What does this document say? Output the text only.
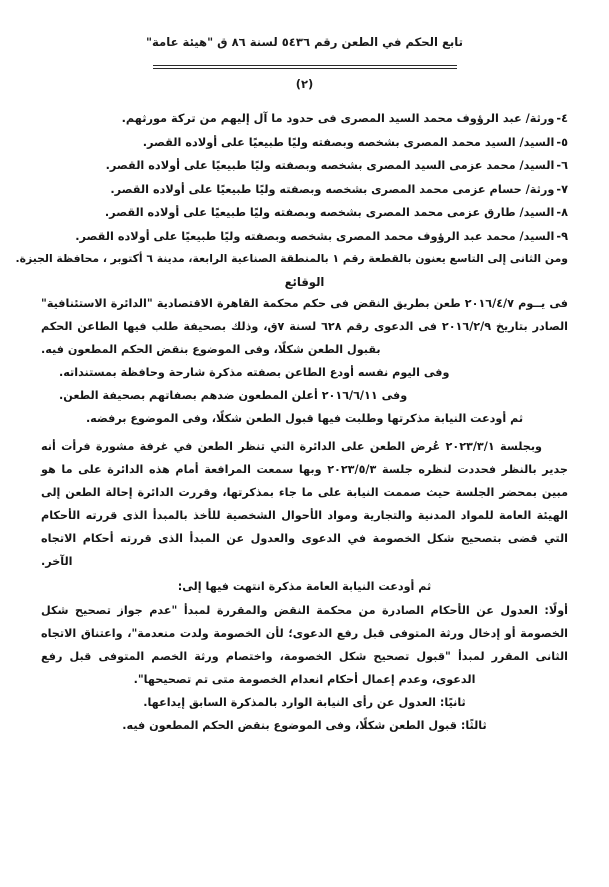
تابع الحكم في الطعن رقم ٥٤٣٦ لسنة ٨٦ ق "هيئة عامة"
(٢)
٤-
ورثة/ عبد الرؤوف محمد السيد المصرى فى حدود ما آل إليهم من تركة مورثهم.
٥-
السيد/ السيد محمد المصرى بشخصه وبصفته وليًا طبيعيًا على أولاده القصر.
٦-
السيد/ محمد عزمى السيد المصرى بشخصه وبصفته وليًا طبيعيًا على أولاده القصر.
٧-
ورثة/ حسام عزمى محمد المصرى بشخصه وبصفته وليًا طبيعيًا على أولاده القصر.
٨-
السيد/ طارق عزمى محمد المصرى بشخصه وبصفته وليًا طبيعيًا على أولاده القصر.
٩-
السيد/ محمد عبد الرؤوف محمد المصرى بشخصه وبصفته وليًا طبيعيًا على أولاده القصر.

ومن الثانى إلى التاسع يعنون بالقطعة رقم ١ بالمنطقة الصناعية الرابعة، مدينة ٦ أكتوبر ، محافظة الجيزة.

الوقائع

فى يــوم ٢٠١٦/٤/٧ طعن بطريق النقض فى حكم محكمة القاهرة الاقتصادية "الدائرة الاستئنافية" الصادر بتاريخ ٢٠١٦/٢/٩ فى الدعوى رقم ٦٢٨ لسنة ٧ق، وذلك بصحيفة طلب فيها الطاعن الحكم بقبول الطعن شكلًا، وفى الموضوع بنقض الحكم المطعون فيه.

وفى اليوم نفسه أودع الطاعن بصفته مذكرة شارحة وحافظة بمستنداته.

وفى ٢٠١٦/٦/١١ أعلن المطعون ضدهم بصفاتهم بصحيفة الطعن.

ثم أودعت النيابة مذكرتها وطلبت فيها قبول الطعن شكلًا، وفى الموضوع برفضه.

وبجلسة ٢٠٢٣/٣/١ عُرض الطعن على الدائرة التي تنظر الطعن في غرفة مشورة فرأت أنه جدير بالنظر فحددت لنظره جلسة ٢٠٢٣/٥/٣ وبها سمعت المرافعة أمام هذه الدائرة على ما هو مبين بمحضر الجلسة حيث صممت النيابة على ما جاء بمذكرتها، وقررت الدائرة إحالة الطعن إلى الهيئة العامة للمواد المدنية والتجارية ومواد الأحوال الشخصية للأخذ بالمبدأ الذى قررته الأحكام التي قضى بتصحيح شكل الخصومة في الدعوى والعدول عن المبدأ الذى قررته أحكام الاتجاه الآخر.

ثم أودعت النيابة العامة مذكرة انتهت فيها إلى:

أولًا: العدول عن الأحكام الصادرة من محكمة النقض والمقررة لمبدأ "عدم جواز تصحيح شكل الخصومة أو إدخال ورثة المتوفى قبل رفع الدعوى؛ لأن الخصومة ولدت منعدمة"، واعتناق الاتجاه الثانى المقرر لمبدأ "قبول تصحيح شكل الخصومة، واختصام ورثة الخصم المتوفى قبل رفع الدعوى، وعدم إعمال أحكام انعدام الخصومة متى تم تصحيحها".

ثانيًا: العدول عن رأى النيابة الوارد بالمذكرة السابق إيداعها.

ثالثًا: قبول الطعن شكلًا، وفى الموضوع بنقض الحكم المطعون فيه.
